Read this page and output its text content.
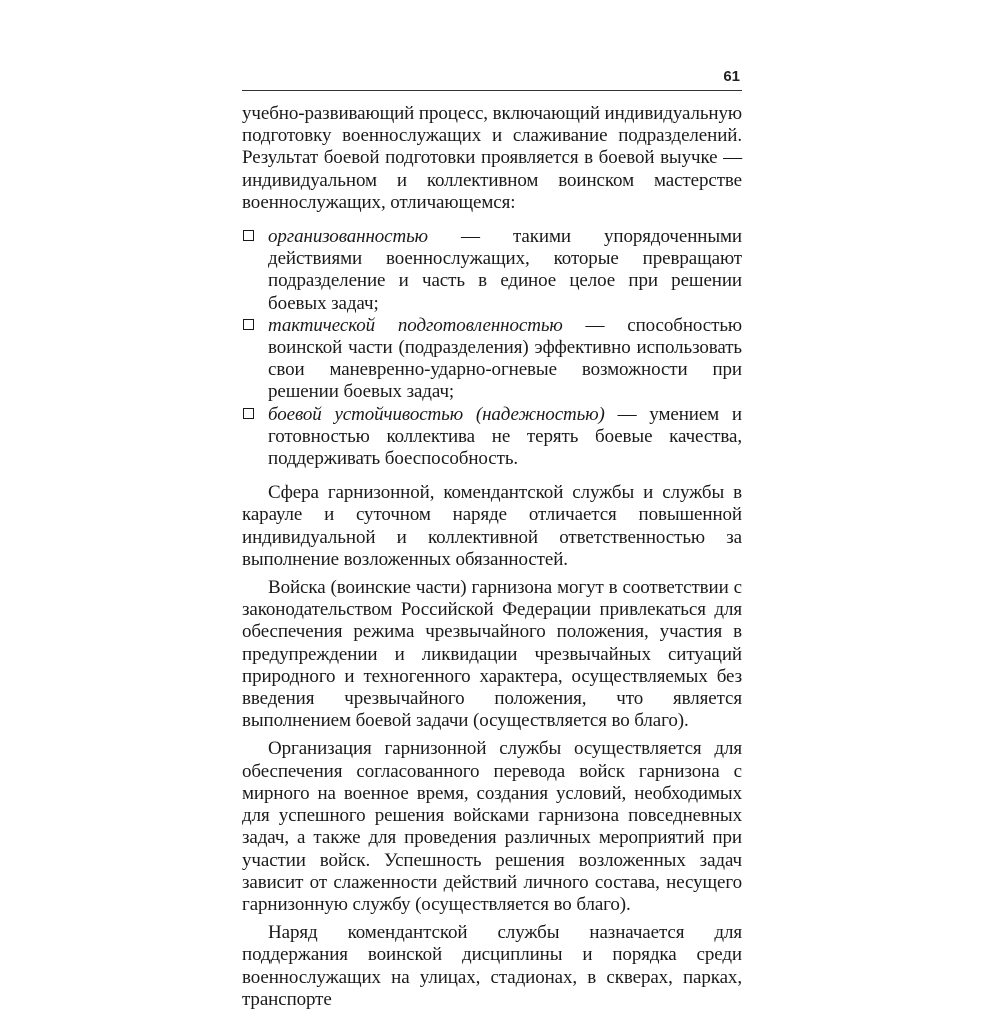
61

учебно-развивающий процесс, включающий индивидуальную подготовку военнослужащих и слаживание подразделений. Результат боевой подготовки проявляется в боевой выучке — индивидуальном и коллективном воинском мастерстве военнослужащих, отличающемся:

организованностью — такими упорядоченными действиями военнослужащих, которые превращают подразделение и часть в единое целое при решении боевых задач;
тактической подготовленностью — способностью воинской части (подразделения) эффективно использовать свои маневренно-ударно-огневые возможности при решении боевых задач;
боевой устойчивостью (надежностью) — умением и готовностью коллектива не терять боевые качества, поддерживать боеспособность.

Сфера гарнизонной, комендантской службы и службы в карауле и суточном наряде отличается повышенной индивидуальной и коллективной ответственностью за выполнение возложенных обязанностей.

Войска (воинские части) гарнизона могут в соответствии с законодательством Российской Федерации привлекаться для обеспечения режима чрезвычайного положения, участия в предупреждении и ликвидации чрезвычайных ситуаций природного и техногенного характера, осуществляемых без введения чрезвычайного положения, что является выполнением боевой задачи (осуществляется во благо).

Организация гарнизонной службы осуществляется для обеспечения согласованного перевода войск гарнизона с мирного на военное время, создания условий, необходимых для успешного решения войсками гарнизона повседневных задач, а также для проведения различных мероприятий при участии войск. Успешность решения возложенных задач зависит от слаженности действий личного состава, несущего гарнизонную службу (осуществляется во благо).

Наряд комендантской службы назначается для поддержания воинской дисциплины и порядка среди военнослужащих на улицах, стадионах, в скверах, парках, транспорте
